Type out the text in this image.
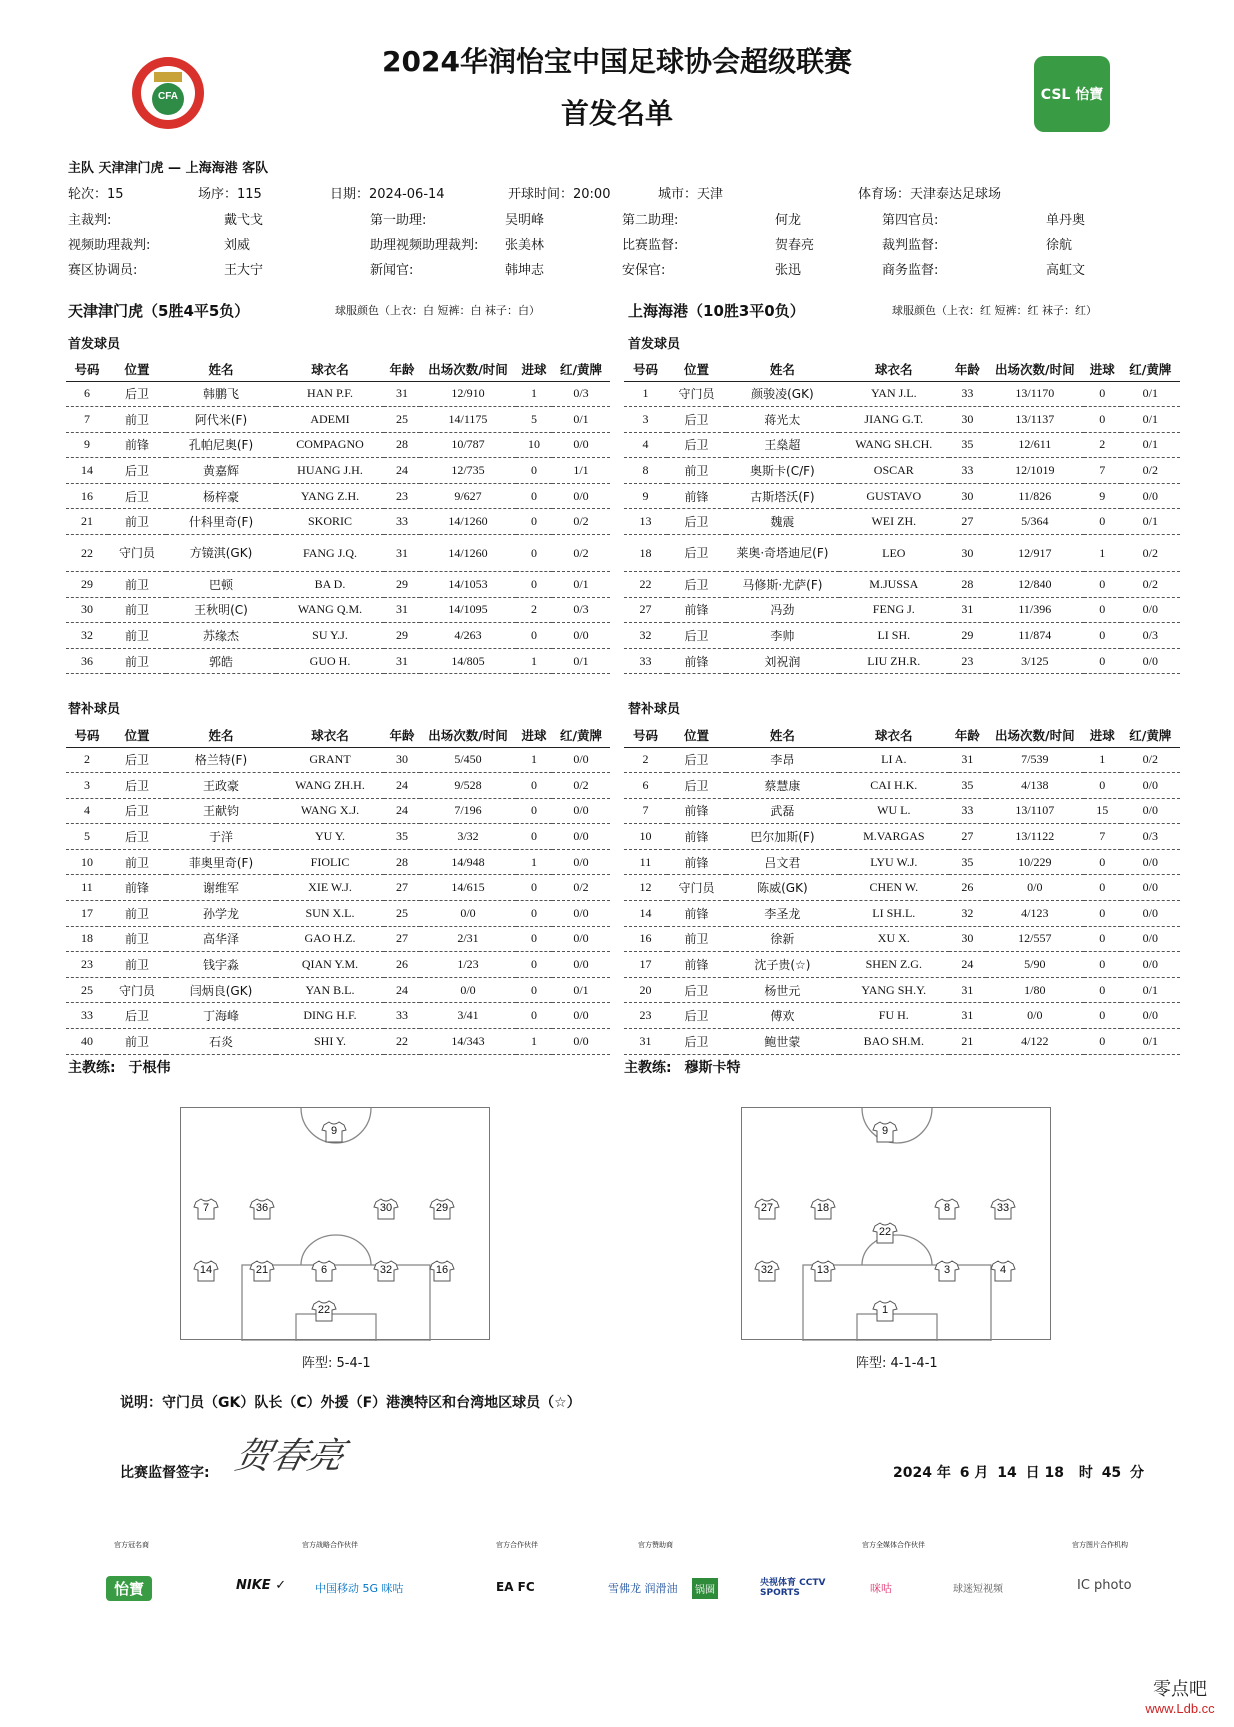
CFA	CSL 怡寶
2024华润怡宝中国足球协会超级联赛
首发名单
主队 天津津门虎 — 上海海港 客队
轮次：15	场序：115	日期：2024-06-14	开球时间：20:00	城市：天津	体育场：天津泰达足球场
主裁判:	戴弋戈	第一助理:	吴明峰	第二助理:	何龙	第四官员:	单丹奥
视频助理裁判:	刘威	助理视频助理裁判: 张美林	比赛监督:	贺春亮	裁判监督:	徐航
赛区协调员:	王大宁	新闻官:	韩坤志	安保官:	张迅	商务监督:	高虹文
天津津门虎（5胜4平5负）	球服颜色（上衣：白 短裤：白 袜子：白）	上海海港（10胜3平0负）	球服颜色（上衣：红 短裤：红 袜子：红）
首发球员	首发球员
号码	位置	姓名	球衣名	年龄	出场次数/时间	进球	红/黄牌
6	后卫	韩鹏飞	HAN P.F.	31	12/910	1	0/3
7	前卫	阿代米(F)	ADEMI	25	14/1175	5	0/1
9	前锋	孔帕尼奥(F)	COMPAGNO	28	10/787	10	0/0
14	后卫	黄嘉辉	HUANG J.H.	24	12/735	0	1/1
16	后卫	杨梓豪	YANG Z.H.	23	9/627	0	0/0
21	前卫	什科里奇(F)	SKORIC	33	14/1260	0	0/2
22	守门员	方镜淇(GK)	FANG J.Q.	31	14/1260	0	0/2
29	前卫	巴顿	BA D.	29	14/1053	0	0/1
30	前卫	王秋明(C)	WANG Q.M.	31	14/1095	2	0/3
32	前卫	苏缘杰	SU Y.J.	29	4/263	0	0/0
36	前卫	郭皓	GUO H.	31	14/805	1	0/1
号码	位置	姓名	球衣名	年龄	出场次数/时间	进球	红/黄牌
1	守门员	颜骏凌(GK)	YAN J.L.	33	13/1170	0	0/1
3	后卫	蒋光太	JIANG G.T.	30	13/1137	0	0/1
4	后卫	王燊超	WANG SH.CH.	35	12/611	2	0/1
8	前卫	奥斯卡(C/F)	OSCAR	33	12/1019	7	0/2
9	前锋	古斯塔沃(F)	GUSTAVO	30	11/826	9	0/0
13	后卫	魏震	WEI ZH.	27	5/364	0	0/1
18	后卫	莱奥·奇塔迪尼(F)	LEO	30	12/917	1	0/2
22	后卫	马修斯·尤萨(F)	M.JUSSA	28	12/840	0	0/2
27	前锋	冯劲	FENG J.	31	11/396	0	0/0
32	后卫	李帅	LI SH.	29	11/874	0	0/3
33	前锋	刘祝润	LIU ZH.R.	23	3/125	0	0/0
替补球员	替补球员
号码	位置	姓名	球衣名	年龄	出场次数/时间	进球	红/黄牌
2	后卫	格兰特(F)	GRANT	30	5/450	1	0/0
3	后卫	王政豪	WANG ZH.H.	24	9/528	0	0/2
4	后卫	王献钧	WANG X.J.	24	7/196	0	0/0
5	后卫	于洋	YU Y.	35	3/32	0	0/0
10	前卫	菲奥里奇(F)	FIOLIC	28	14/948	1	0/0
11	前锋	谢维军	XIE W.J.	27	14/615	0	0/2
17	前卫	孙学龙	SUN X.L.	25	0/0	0	0/0
18	前卫	高华泽	GAO H.Z.	27	2/31	0	0/0
23	前卫	钱宇淼	QIAN Y.M.	26	1/23	0	0/0
25	守门员	闫炳良(GK)	YAN B.L.	24	0/0	0	0/1
33	后卫	丁海峰	DING H.F.	33	3/41	0	0/0
40	前卫	石炎	SHI Y.	22	14/343	1	0/0
号码	位置	姓名	球衣名	年龄	出场次数/时间	进球	红/黄牌
2	后卫	李昂	LI A.	31	7/539	1	0/2
6	后卫	蔡慧康	CAI H.K.	35	4/138	0	0/0
7	前锋	武磊	WU L.	33	13/1107	15	0/0
10	前锋	巴尔加斯(F)	M.VARGAS	27	13/1122	7	0/3
11	前锋	吕文君	LYU W.J.	35	10/229	0	0/0
12	守门员	陈威(GK)	CHEN W.	26	0/0	0	0/0
14	前锋	李圣龙	LI SH.L.	32	4/123	0	0/0
16	前卫	徐新	XU X.	30	12/557	0	0/0
17	前锋	沈子贵(☆)	SHEN Z.G.	24	5/90	0	0/0
20	后卫	杨世元	YANG SH.Y.	31	1/80	0	0/1
23	后卫	傅欢	FU H.	31	0/0	0	0/0
31	后卫	鲍世蒙	BAO SH.M.	21	4/122	0	0/1
主教练: 于根伟	主教练: 穆斯卡特
9
7	36	30	29
14	21	6	32	16
22
阵型: 5-4-1
9
27	18	8	33
22
32	13	3	4
1
阵型: 4-1-4-1
说明：守门员（GK）队长（C）外援（F）港澳特区和台湾地区球员（☆）
比赛监督签字: 贺春亮	2024 年 6 月 14 日 18 时 45 分
官方冠名商	官方战略合作伙伴	官方合作伙伴	官方赞助商	官方全媒体合作伙伴	官方图片合作机构
怡寶	NIKE ✓	中国移动 5G 咪咕	EA FC	雪佛龙 润滑油	锅圈
央视体育 CCTV SPORTS	咪咕	球迷短视频	IC photo
零点吧
www.Ldb.cc
